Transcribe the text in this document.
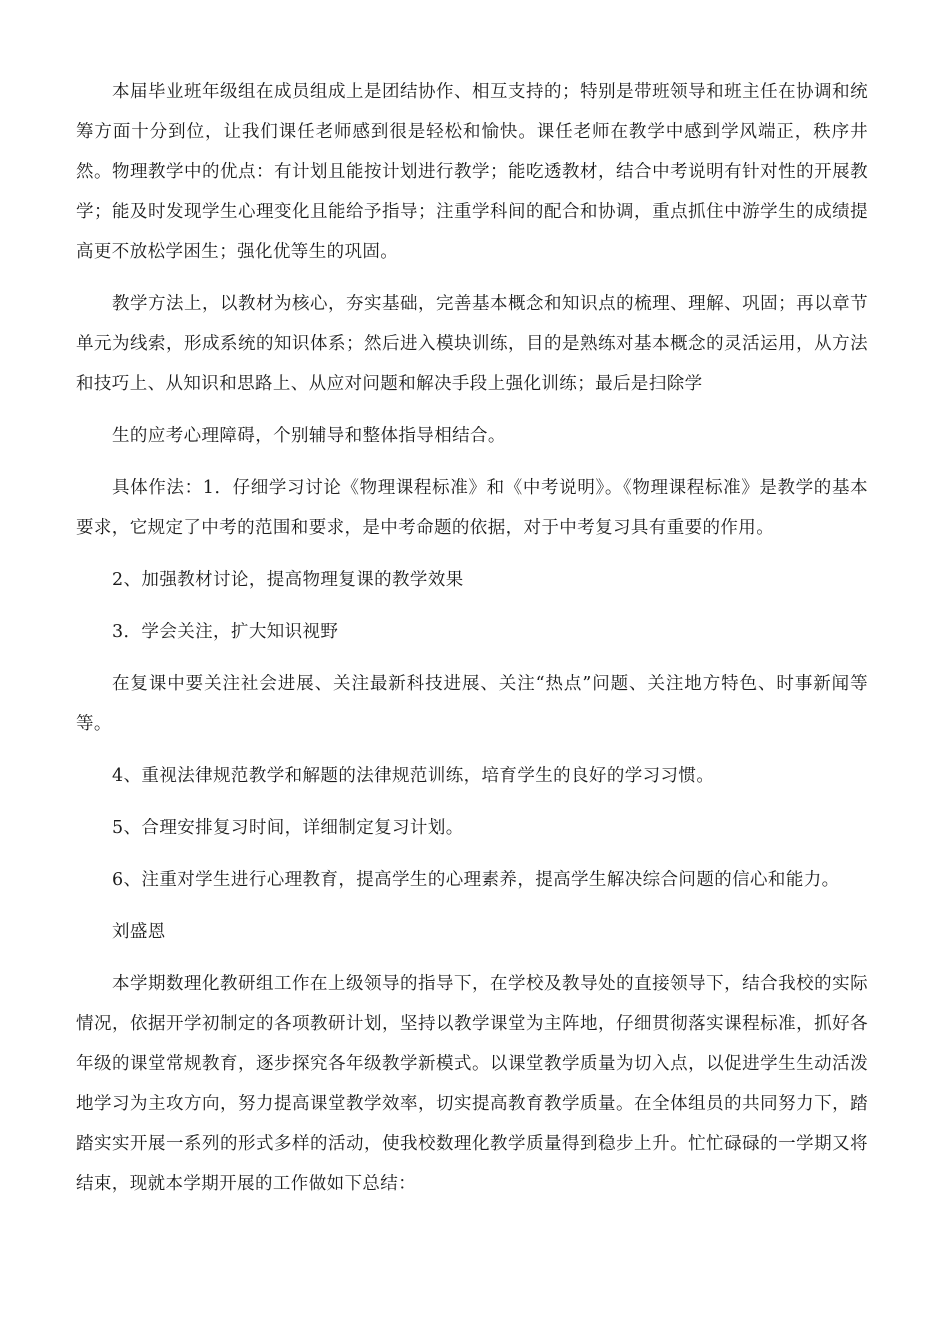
本届毕业班年级组在成员组成上是团结协作、相互支持的；特别是带班领导和班主任在协调和统筹方面十分到位，让我们课任老师感到很是轻松和愉快。课任老师在教学中感到学风端正，秩序井然。物理教学中的优点：有计划且能按计划进行教学；能吃透教材，结合中考说明有针对性的开展教学；能及时发现学生心理变化且能给予指导；注重学科间的配合和协调，重点抓住中游学生的成绩提高更不放松学困生；强化优等生的巩固。

教学方法上，以教材为核心，夯实基础，完善基本概念和知识点的梳理、理解、巩固；再以章节单元为线索，形成系统的知识体系；然后进入模块训练，目的是熟练对基本概念的灵活运用，从方法和技巧上、从知识和思路上、从应对问题和解决手段上强化训练；最后是扫除学

生的应考心理障碍，个别辅导和整体指导相结合。

具体作法：1．仔细学习讨论《物理课程标准》和《中考说明》。《物理课程标准》是教学的基本要求，它规定了中考的范围和要求，是中考命题的依据，对于中考复习具有重要的作用。

2、加强教材讨论，提高物理复课的教学效果

3．学会关注，扩大知识视野

在复课中要关注社会进展、关注最新科技进展、关注“热点”问题、关注地方特色、时事新闻等等。

4、重视法律规范教学和解题的法律规范训练，培育学生的良好的学习习惯。

5、合理安排复习时间，详细制定复习计划。

6、注重对学生进行心理教育，提高学生的心理素养，提高学生解决综合问题的信心和能力。

刘盛恩

本学期数理化教研组工作在上级领导的指导下，在学校及教导处的直接领导下，结合我校的实际情况，依据开学初制定的各项教研计划，坚持以教学课堂为主阵地，仔细贯彻落实课程标准，抓好各年级的课堂常规教育，逐步探究各年级教学新模式。以课堂教学质量为切入点，以促进学生生动活泼地学习为主攻方向，努力提高课堂教学效率，切实提高教育教学质量。在全体组员的共同努力下，踏踏实实开展一系列的形式多样的活动，使我校数理化教学质量得到稳步上升。忙忙碌碌的一学期又将结束，现就本学期开展的工作做如下总结：
